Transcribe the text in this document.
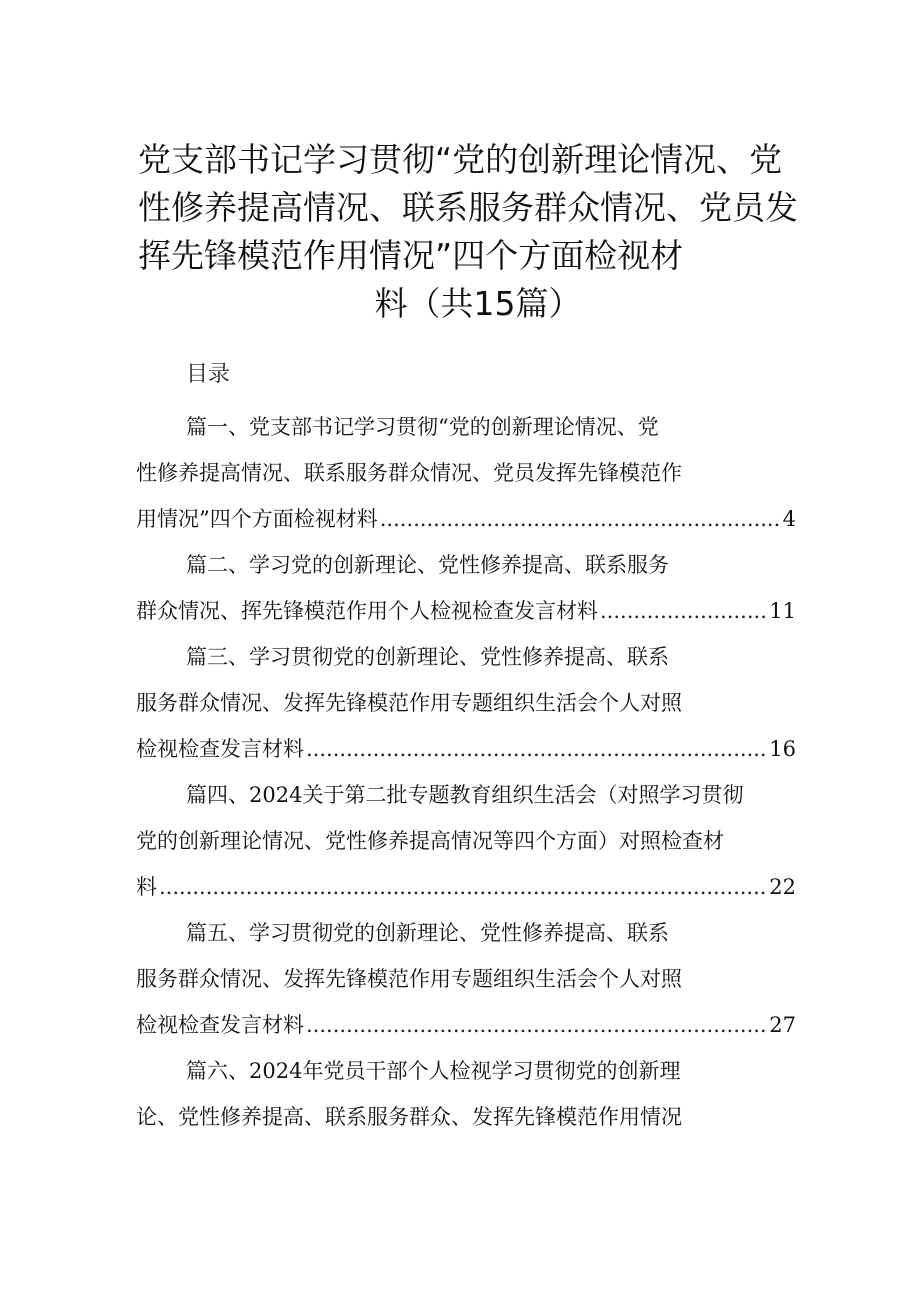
党支部书记学习贯彻“党的创新理论情况、党
性修养提高情况、联系服务群众情况、党员发
挥先锋模范作用情况”四个方面检视材
料（共15篇）
目录
篇一、党支部书记学习贯彻“党的创新理论情况、党
性修养提高情况、联系服务群众情况、党员发挥先锋模范作
用情况”四个方面检视材料 .....	4
篇二、学习党的创新理论、党性修养提高、联系服务
群众情况、挥先锋模范作用个人检视检查发言材料 .....	11
篇三、学习贯彻党的创新理论、党性修养提高、联系
服务群众情况、发挥先锋模范作用专题组织生活会个人对照
检视检查发言材料 .....	16
篇四、2024关于第二批专题教育组织生活会（对照学习贯彻
党的创新理论情况、党性修养提高情况等四个方面）对照检查材
料 .....	22
篇五、学习贯彻党的创新理论、党性修养提高、联系
服务群众情况、发挥先锋模范作用专题组织生活会个人对照
检视检查发言材料 .....	27
篇六、2024年党员干部个人检视学习贯彻党的创新理
论、党性修养提高、联系服务群众、发挥先锋模范作用情况
